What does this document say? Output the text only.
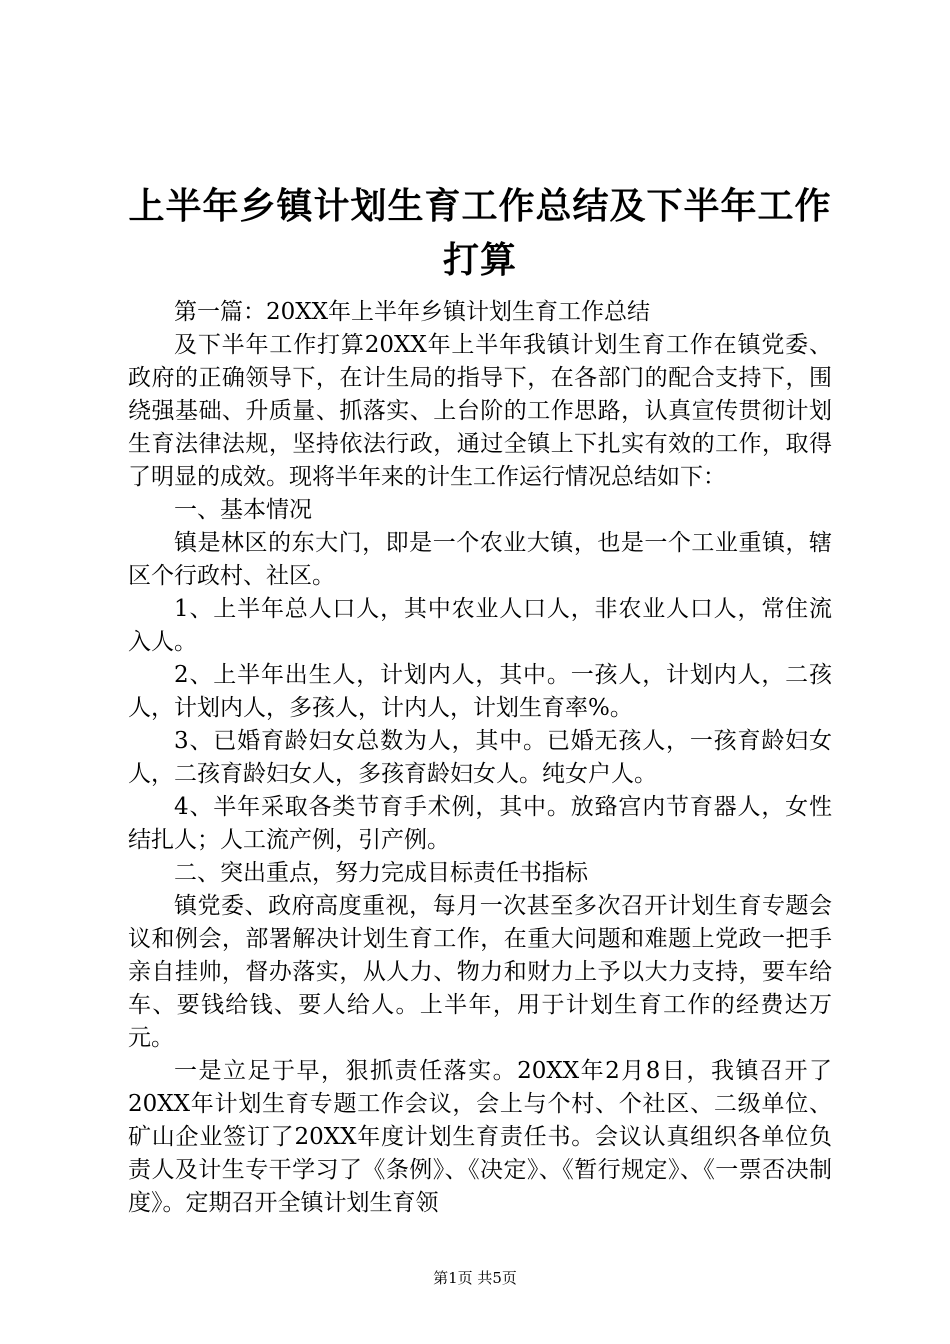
上半年乡镇计划生育工作总结及下半年工作打算

第一篇：20XX年上半年乡镇计划生育工作总结

及下半年工作打算20XX年上半年我镇计划生育工作在镇党委、政府的正确领导下，在计生局的指导下，在各部门的配合支持下，围绕强基础、升质量、抓落实、上台阶的工作思路，认真宣传贯彻计划生育法律法规，坚持依法行政，通过全镇上下扎实有效的工作，取得了明显的成效。现将半年来的计生工作运行情况总结如下：

一、基本情况

镇是林区的东大门，即是一个农业大镇，也是一个工业重镇，辖区个行政村、社区。

1、上半年总人口人，其中农业人口人，非农业人口人，常住流入人。

2、上半年出生人，计划内人，其中。一孩人，计划内人，二孩人，计划内人，多孩人，计内人，计划生育率%。

3、已婚育龄妇女总数为人，其中。已婚无孩人，一孩育龄妇女人，二孩育龄妇女人，多孩育龄妇女人。纯女户人。

4、半年采取各类节育手术例，其中。放臵宫内节育器人，女性结扎人；人工流产例，引产例。

二、突出重点，努力完成目标责任书指标

镇党委、政府高度重视，每月一次甚至多次召开计划生育专题会议和例会，部署解决计划生育工作，在重大问题和难题上党政一把手亲自挂帅，督办落实，从人力、物力和财力上予以大力支持，要车给车、要钱给钱、要人给人。上半年，用于计划生育工作的经费达万元。

一是立足于早，狠抓责任落实。20XX年2月8日，我镇召开了20XX年计划生育专题工作会议，会上与个村、个社区、二级单位、矿山企业签订了20XX年度计划生育责任书。会议认真组织各单位负责人及计生专干学习了《条例》、《决定》、《暂行规定》、《一票否决制度》。定期召开全镇计划生育领

第1页 共5页
